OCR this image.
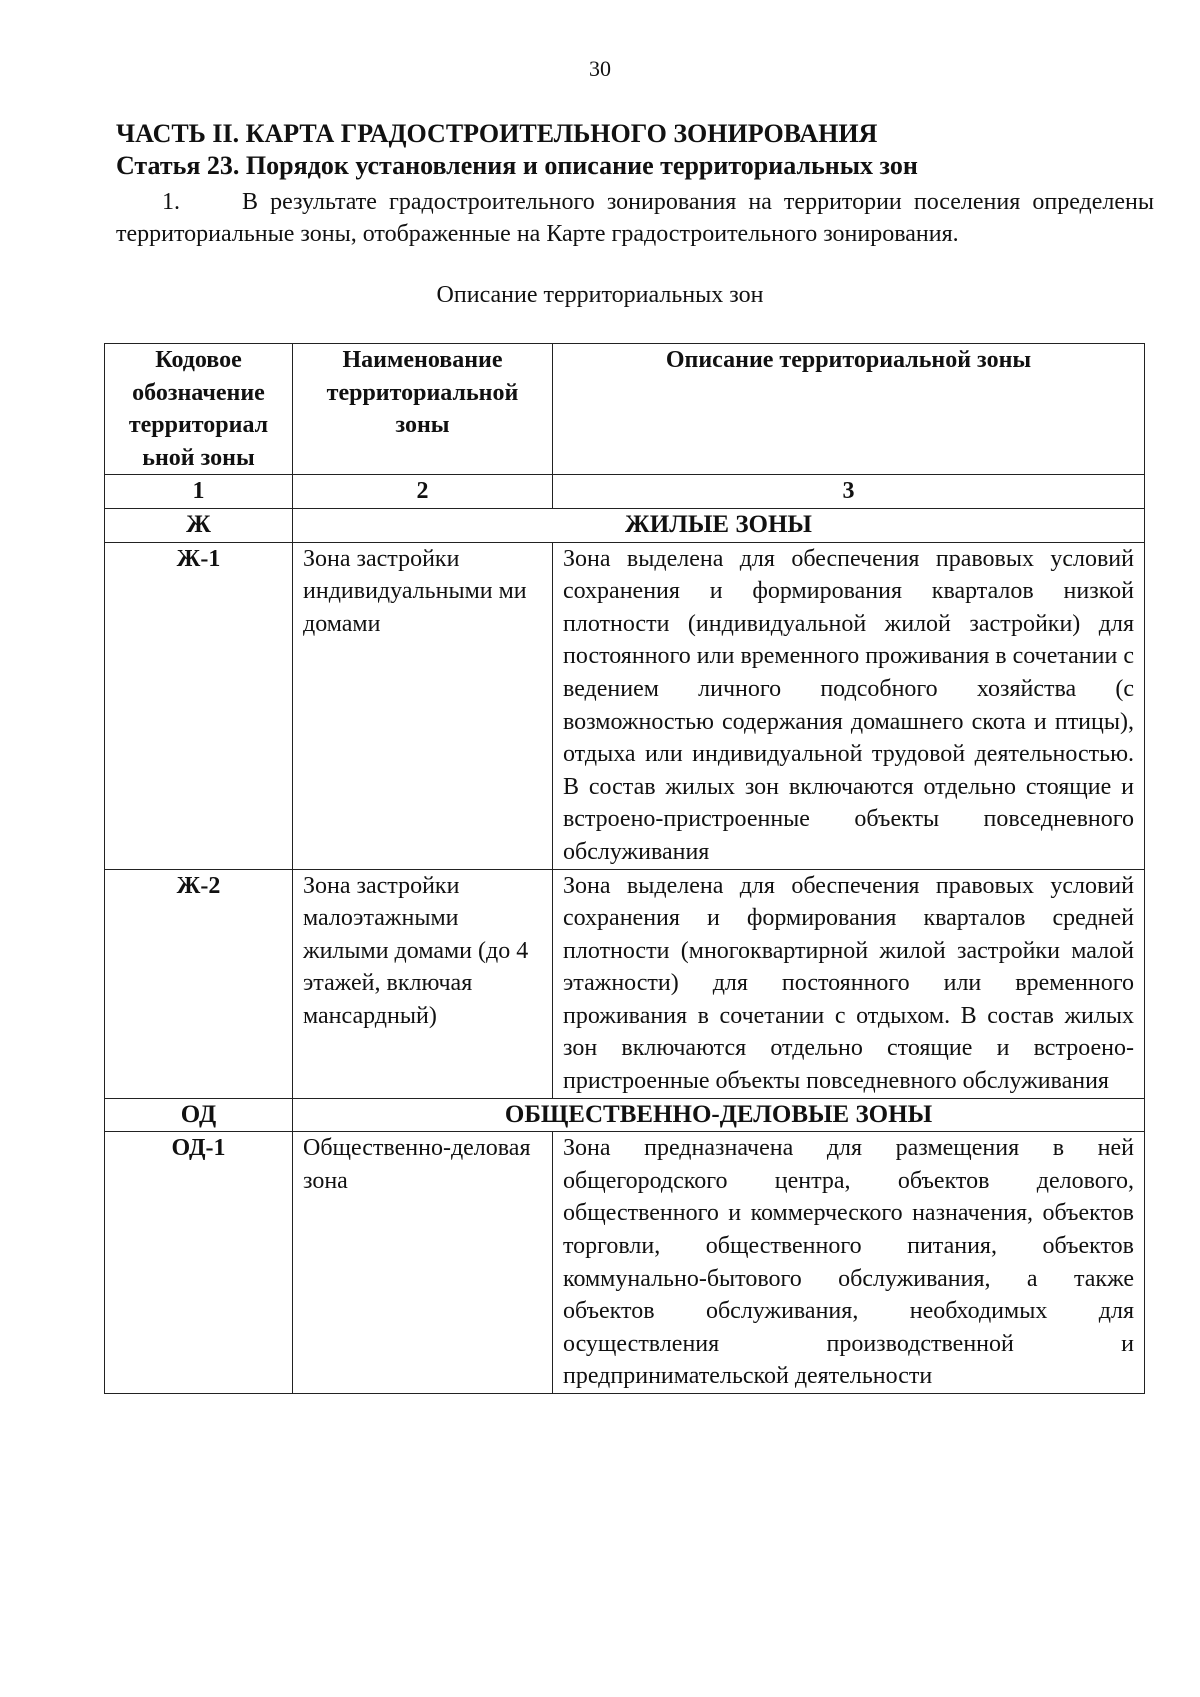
30
ЧАСТЬ II. КАРТА ГРАДОСТРОИТЕЛЬНОГО ЗОНИРОВАНИЯ
Статья 23. Порядок установления и описание территориальных зон
1.	В результате градостроительного зонирования на территории поселения определены территориальные зоны, отображенные на Карте градостроительного зонирования.
Описание территориальных зон
Кодовое обозначение территориал ьной зоны	Наименование территориальной зоны	Описание территориальной зоны
1	2	3
Ж	ЖИЛЫЕ ЗОНЫ	
Ж-1	Зона застройки индивидуальными ми домами	Зона выделена для обеспечения правовых условий сохранения и формирования кварталов низкой плотности (индивидуальной жилой застройки) для постоянного или временного проживания в сочетании с ведением личного подсобного хозяйства (с возможностью содержания домашнего скота и птицы), отдыха или индивидуальной трудовой деятельностью. В состав жилых зон включаются отдельно стоящие и встроено-пристроенные объекты повседневного обслуживания
Ж-2	Зона застройки малоэтажными жилыми домами (до 4 этажей, включая мансардный)	Зона выделена для обеспечения правовых условий сохранения и формирования кварталов средней плотности (многоквартирной жилой застройки малой этажности) для постоянного или временного проживания в сочетании с отдыхом. В состав жилых зон включаются отдельно стоящие и встроено-пристроенные объекты повседневного обслуживания
ОД	ОБЩЕСТВЕННО-ДЕЛОВЫЕ ЗОНЫ	
ОД-1	Общественно-деловая зона	Зона предназначена для размещения в ней общегородского центра, объектов делового, общественного и коммерческого назначения, объектов торговли, общественного питания, объектов коммунально-бытового обслуживания, а также объектов обслуживания, необходимых для осуществления производственной и предпринимательской деятельности
